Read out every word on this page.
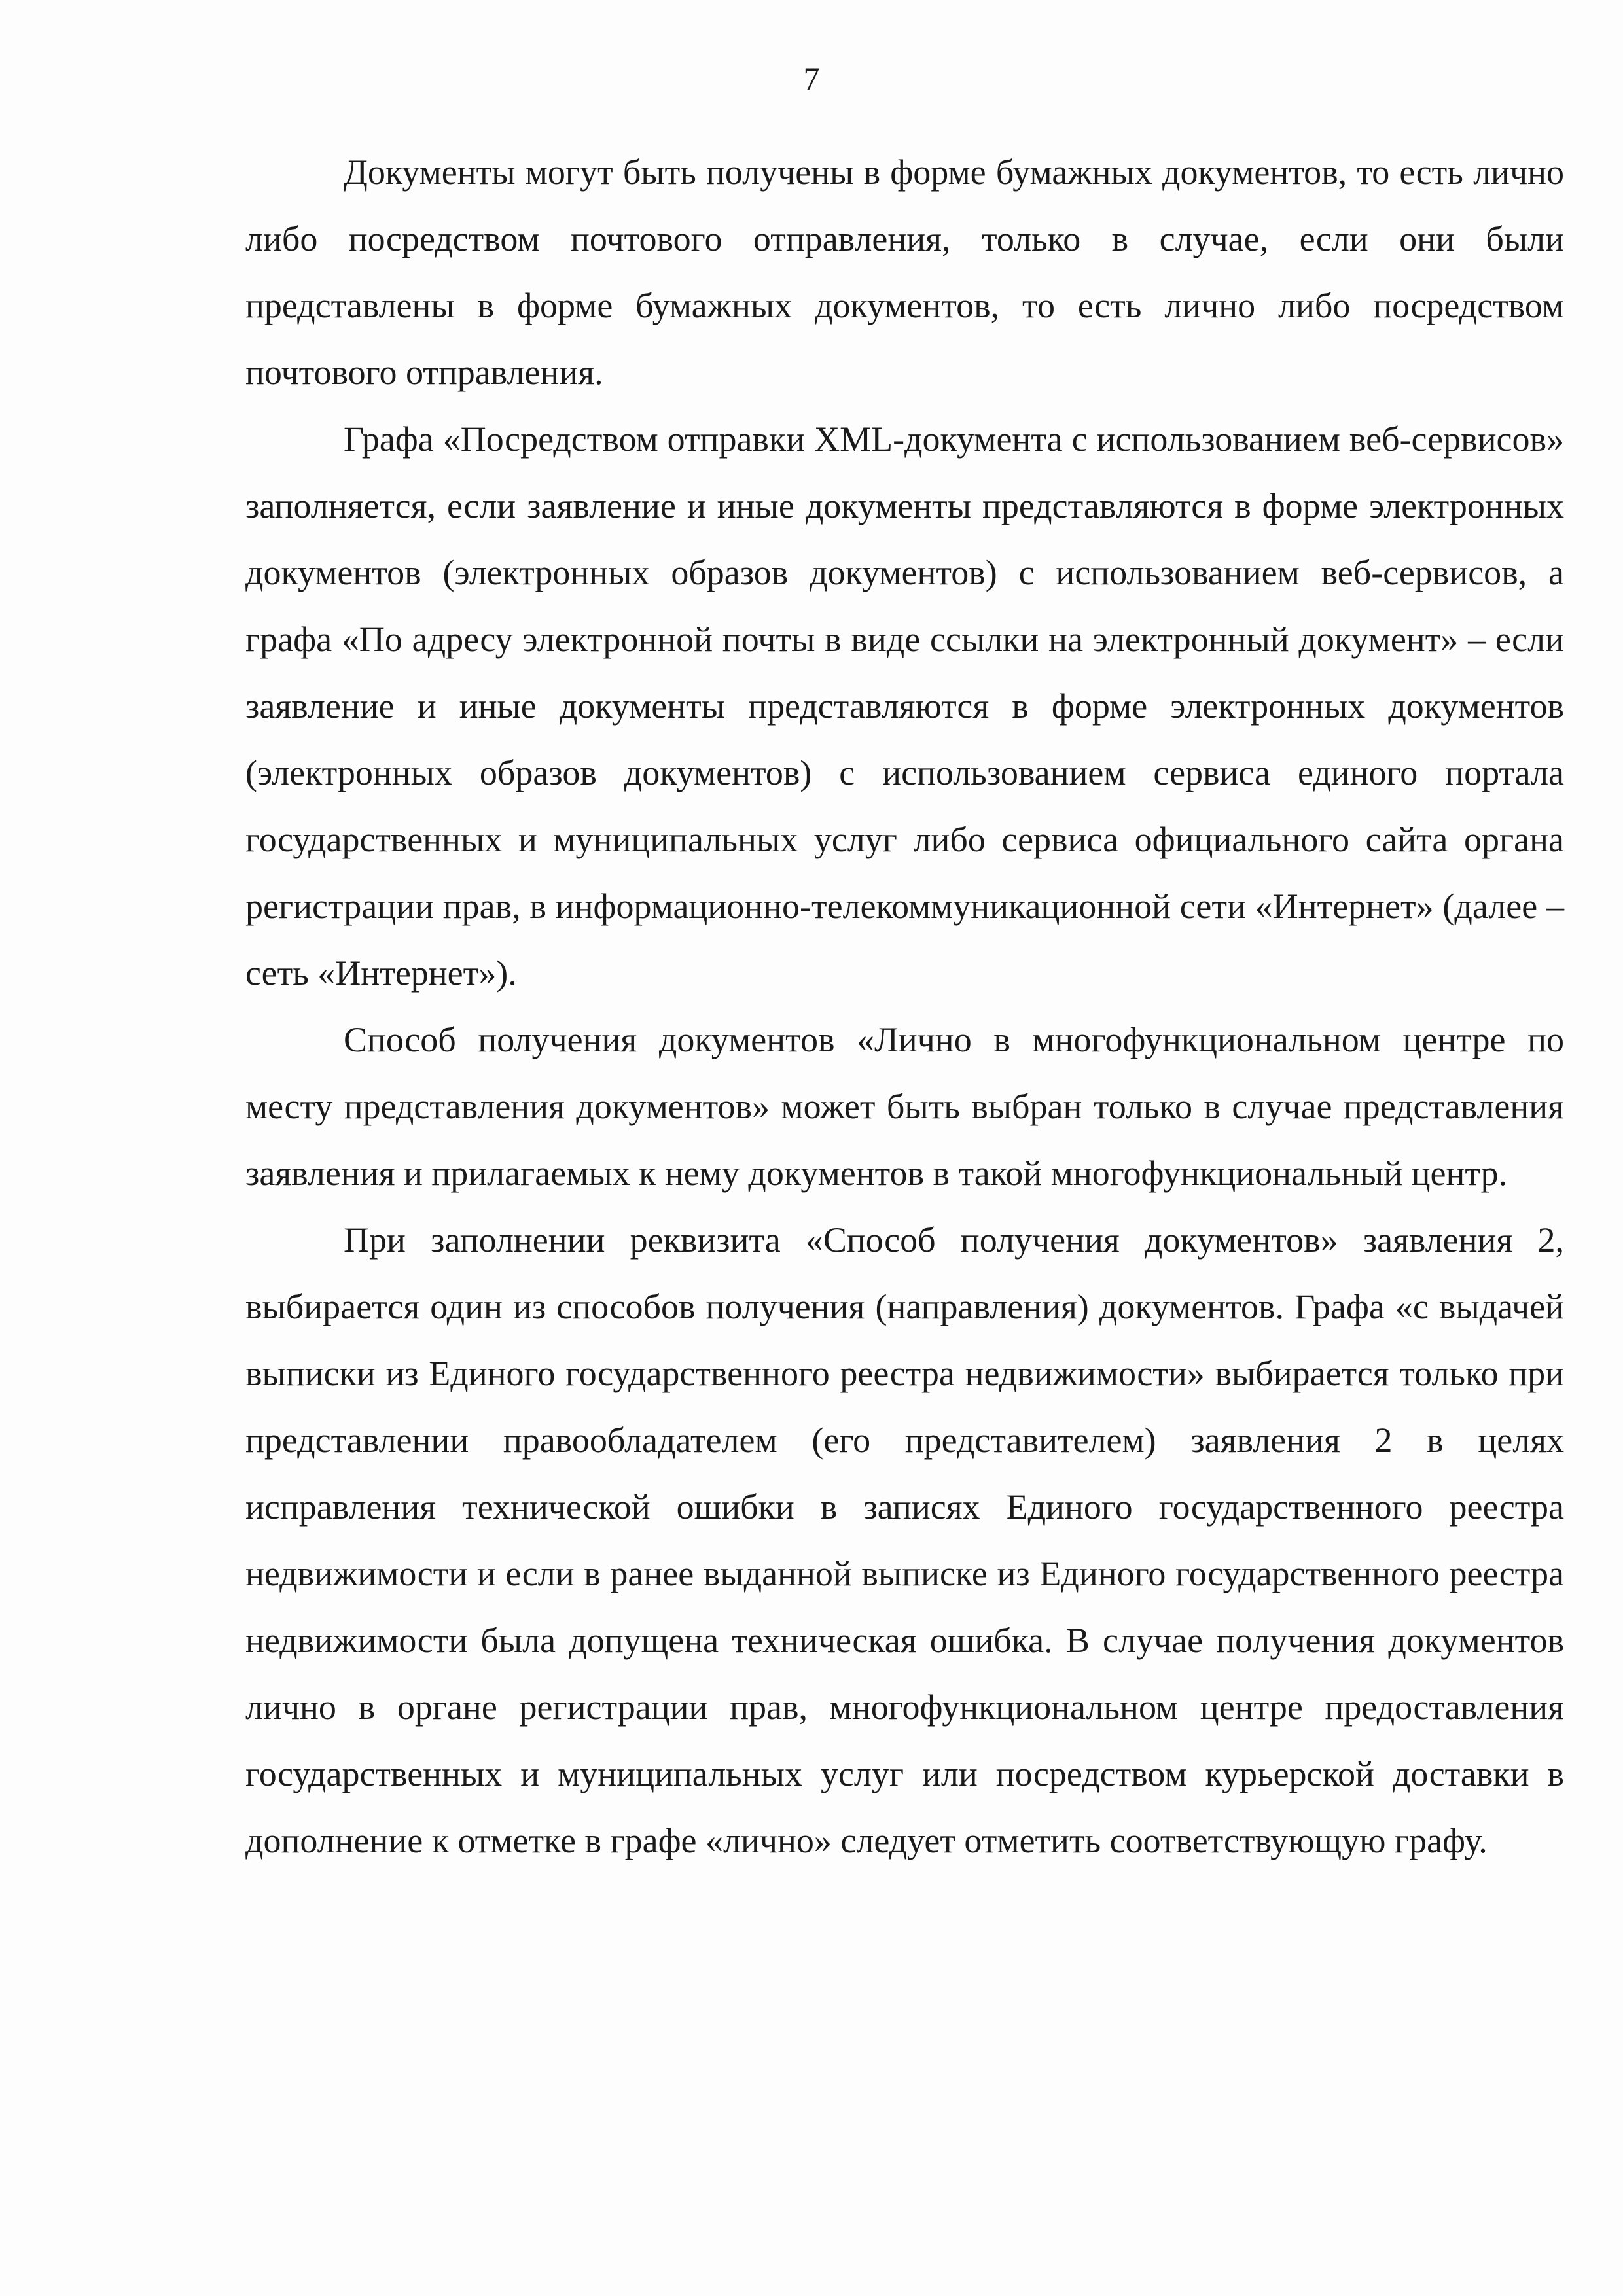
7

Документы могут быть получены в форме бумажных документов, то есть лично либо посредством почтового отправления, только в случае, если они были представлены в форме бумажных документов, то есть лично либо посредством почтового отправления.

Графа «Посредством отправки XML-документа с использованием веб-сервисов» заполняется, если заявление и иные документы представляются в форме электронных документов (электронных образов документов) с использованием веб-сервисов, а графа «По адресу электронной почты в виде ссылки на электронный документ» – если заявление и иные документы представляются в форме электронных документов (электронных образов документов) с использованием сервиса единого портала государственных и муниципальных услуг либо сервиса официального сайта органа регистрации прав, в информационно-телекоммуникационной сети «Интернет» (далее – сеть «Интернет»).

Способ получения документов «Лично в многофункциональном центре по месту представления документов» может быть выбран только в случае представления заявления и прилагаемых к нему документов в такой многофункциональный центр.

При заполнении реквизита «Способ получения документов» заявления 2, выбирается один из способов получения (направления) документов. Графа «с выдачей выписки из Единого государственного реестра недвижимости» выбирается только при представлении правообладателем (его представителем) заявления 2 в целях исправления технической ошибки в записях Единого государственного реестра недвижимости и если в ранее выданной выписке из Единого государственного реестра недвижимости была допущена техническая ошибка. В случае получения документов лично в органе регистрации прав, многофункциональном центре предоставления государственных и муниципальных услуг или посредством курьерской доставки в дополнение к отметке в графе «лично» следует отметить соответствующую графу.
